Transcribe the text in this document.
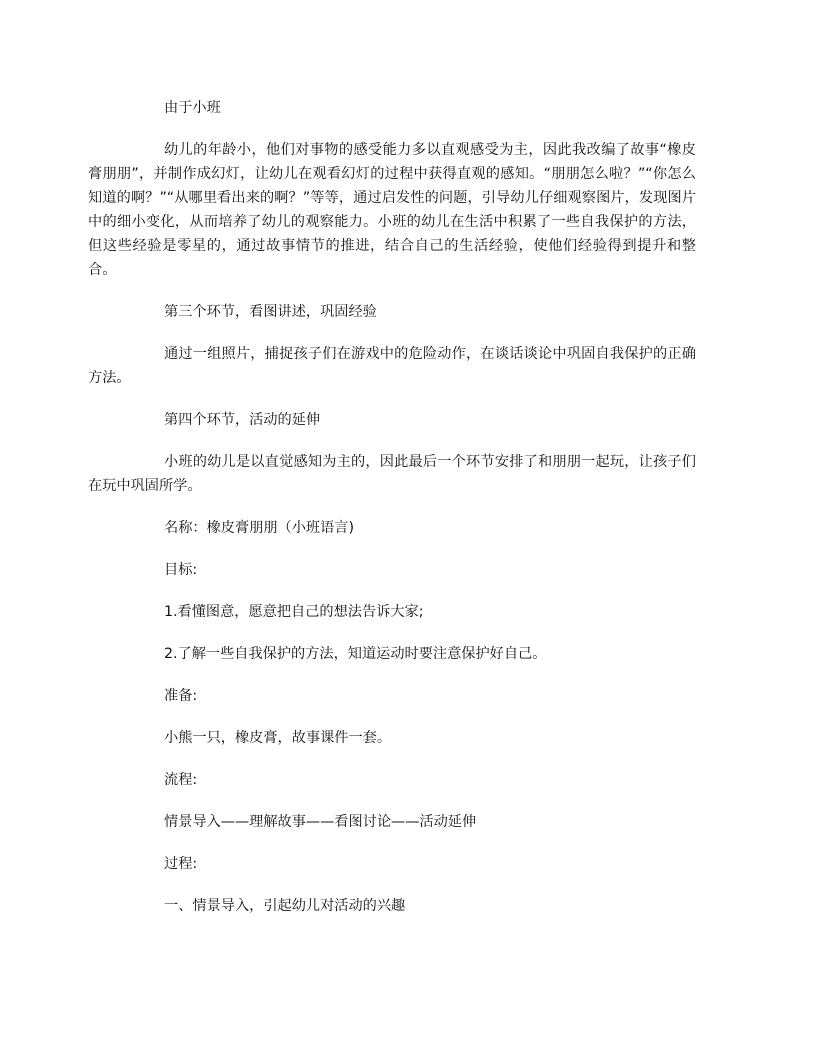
由于小班

幼儿的年龄小，他们对事物的感受能力多以直观感受为主，因此我改编了故事“橡皮膏朋朋”，并制作成幻灯，让幼儿在观看幻灯的过程中获得直观的感知。“朋朋怎么啦？”“你怎么知道的啊？”“从哪里看出来的啊？”等等，通过启发性的问题，引导幼儿仔细观察图片，发现图片中的细小变化，从而培养了幼儿的观察能力。小班的幼儿在生活中积累了一些自我保护的方法，但这些经验是零星的，通过故事情节的推进，结合自己的生活经验，使他们经验得到提升和整合。

第三个环节，看图讲述，巩固经验

通过一组照片，捕捉孩子们在游戏中的危险动作，在谈话谈论中巩固自我保护的正确方法。

第四个环节，活动的延伸

小班的幼儿是以直觉感知为主的，因此最后一个环节安排了和朋朋一起玩，让孩子们在玩中巩固所学。

名称：橡皮膏朋朋（小班语言)

目标:

1.看懂图意，愿意把自己的想法告诉大家;

2.了解一些自我保护的方法，知道运动时要注意保护好自己。

准备:

小熊一只，橡皮膏，故事课件一套。

流程:

情景导入——理解故事——看图讨论——活动延伸

过程:

一、情景导入，引起幼儿对活动的兴趣
